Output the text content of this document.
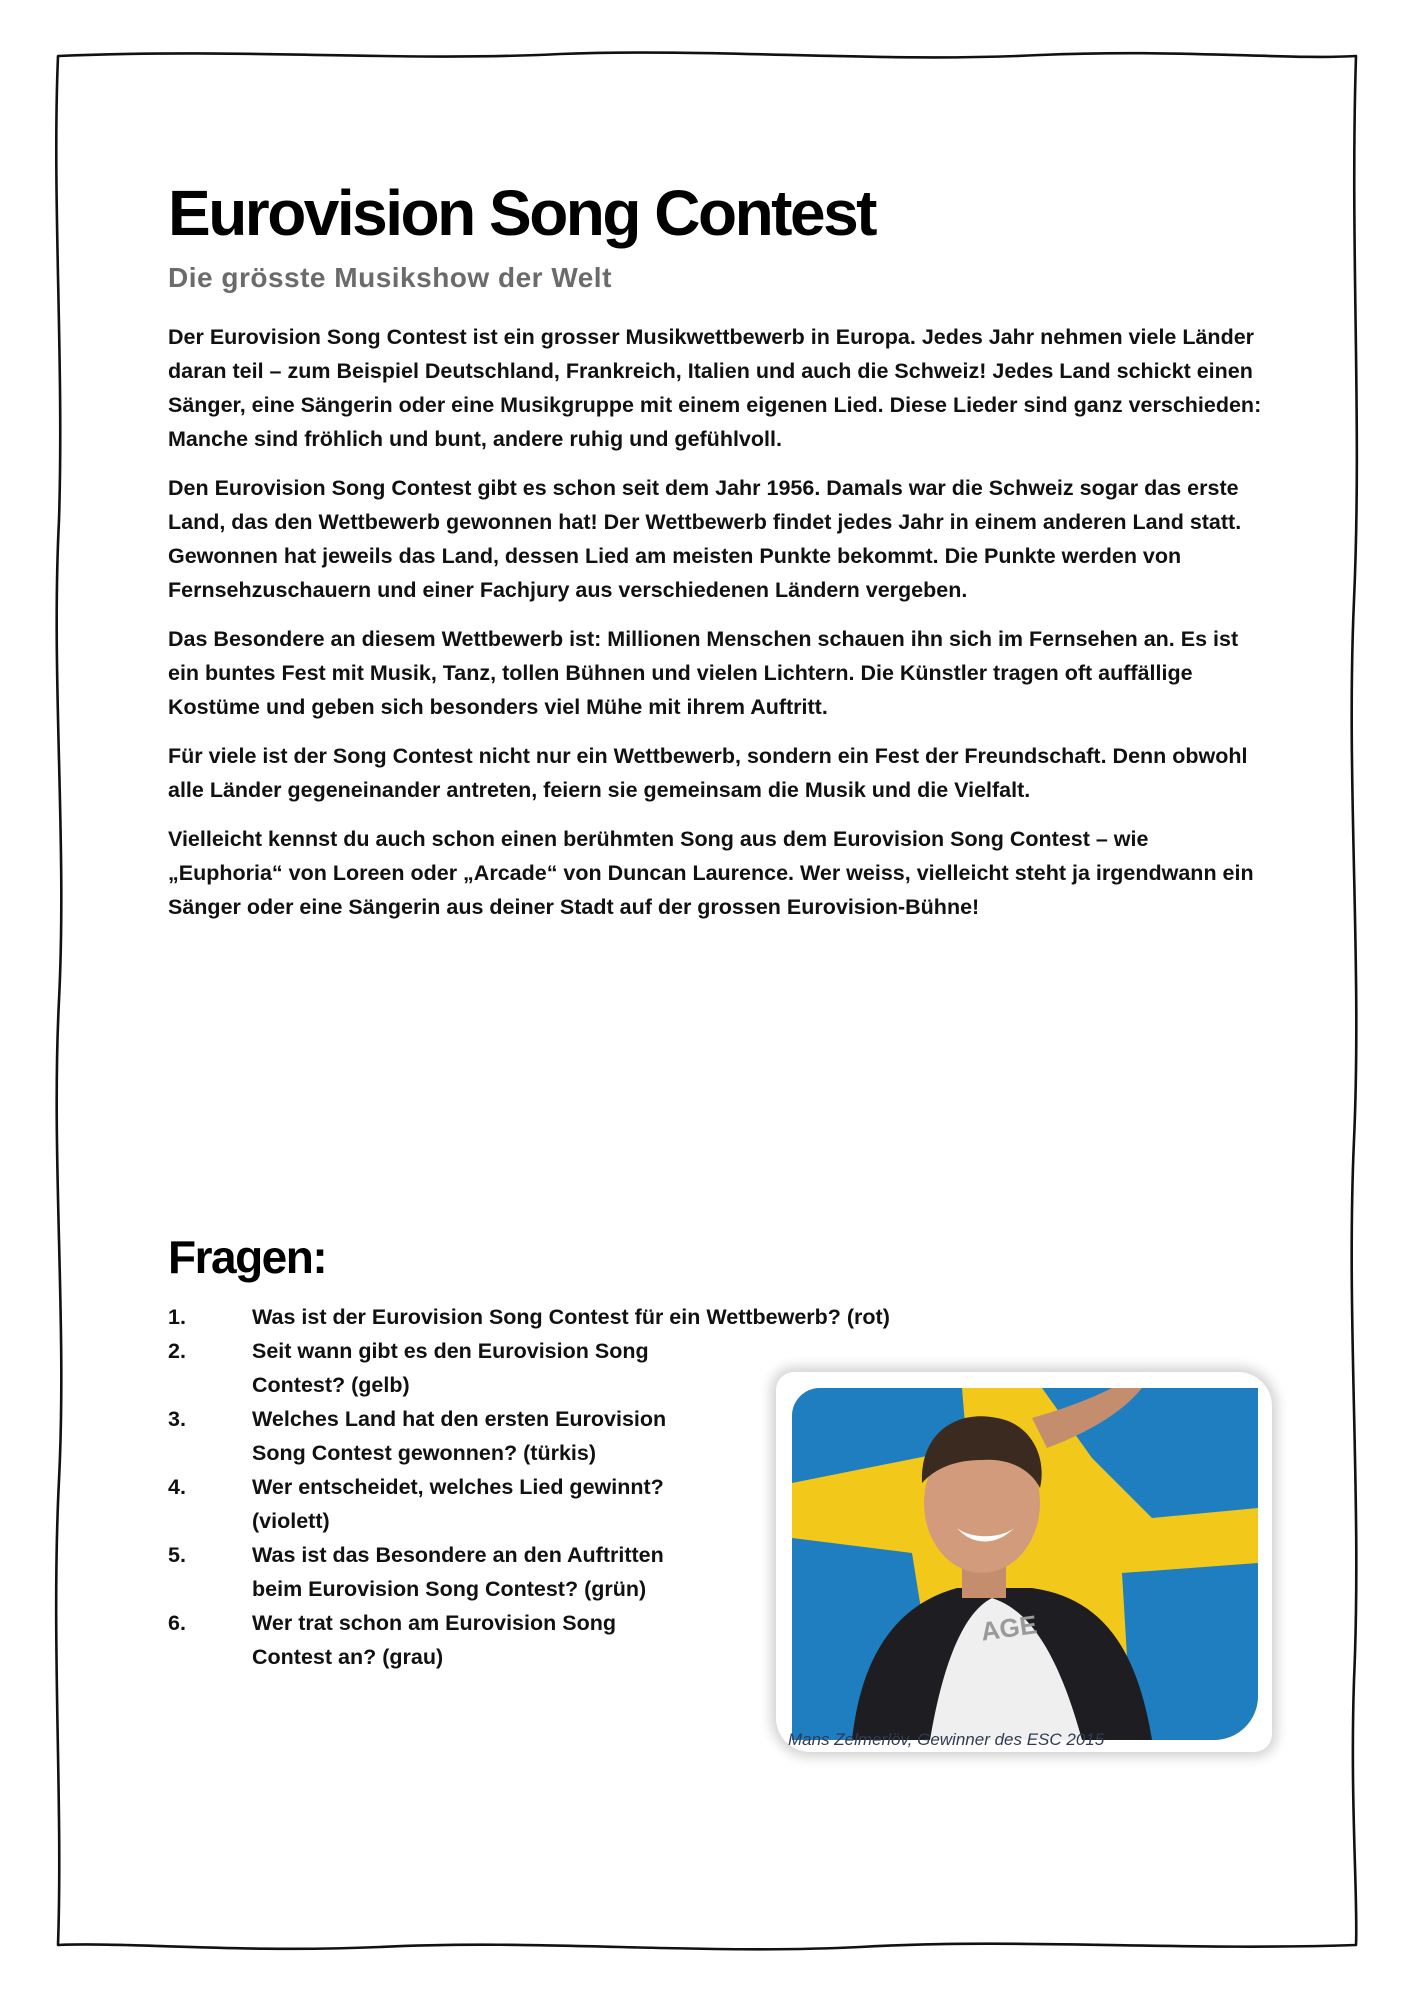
Eurovision Song Contest
Die grösste Musikshow der Welt

Der Eurovision Song Contest ist ein grosser Musikwettbewerb in Europa. Jedes Jahr nehmen viele Länder daran teil – zum Beispiel Deutschland, Frankreich, Italien und auch die Schweiz! Jedes Land schickt einen Sänger, eine Sängerin oder eine Musikgruppe mit einem eigenen Lied. Diese Lieder sind ganz verschieden: Manche sind fröhlich und bunt, andere ruhig und gefühlvoll.

Den Eurovision Song Contest gibt es schon seit dem Jahr 1956. Damals war die Schweiz sogar das erste Land, das den Wettbewerb gewonnen hat! Der Wettbewerb findet jedes Jahr in einem anderen Land statt. Gewonnen hat jeweils das Land, dessen Lied am meisten Punkte bekommt. Die Punkte werden von Fernsehzuschauern und einer Fachjury aus verschiedenen Ländern vergeben.

Das Besondere an diesem Wettbewerb ist: Millionen Menschen schauen ihn sich im Fernsehen an. Es ist ein buntes Fest mit Musik, Tanz, tollen Bühnen und vielen Lichtern. Die Künstler tragen oft auffällige Kostüme und geben sich besonders viel Mühe mit ihrem Auftritt.

Für viele ist der Song Contest nicht nur ein Wettbewerb, sondern ein Fest der Freundschaft. Denn obwohl alle Länder gegeneinander antreten, feiern sie gemeinsam die Musik und die Vielfalt.

Vielleicht kennst du auch schon einen berühmten Song aus dem Eurovision Song Contest – wie „Euphoria“ von Loreen oder „Arcade“ von Duncan Laurence. Wer weiss, vielleicht steht ja irgendwann ein Sänger oder eine Sängerin aus deiner Stadt auf der grossen Eurovision-Bühne!

Fragen:
1.	Was ist der Eurovision Song Contest für ein Wettbewerb? (rot)
2.	Seit wann gibt es den Eurovision Song Contest? (gelb)
3.	Welches Land hat den ersten Eurovision Song Contest gewonnen? (türkis)
4.	Wer entscheidet, welches Lied gewinnt? (violett)
5.	Was ist das Besondere an den Auftritten beim Eurovision Song Contest? (grün)
6.	Wer trat schon am Eurovision Song Contest an? (grau)
AGE

Mans Zelmerlöv, Gewinner des ESC 2015
